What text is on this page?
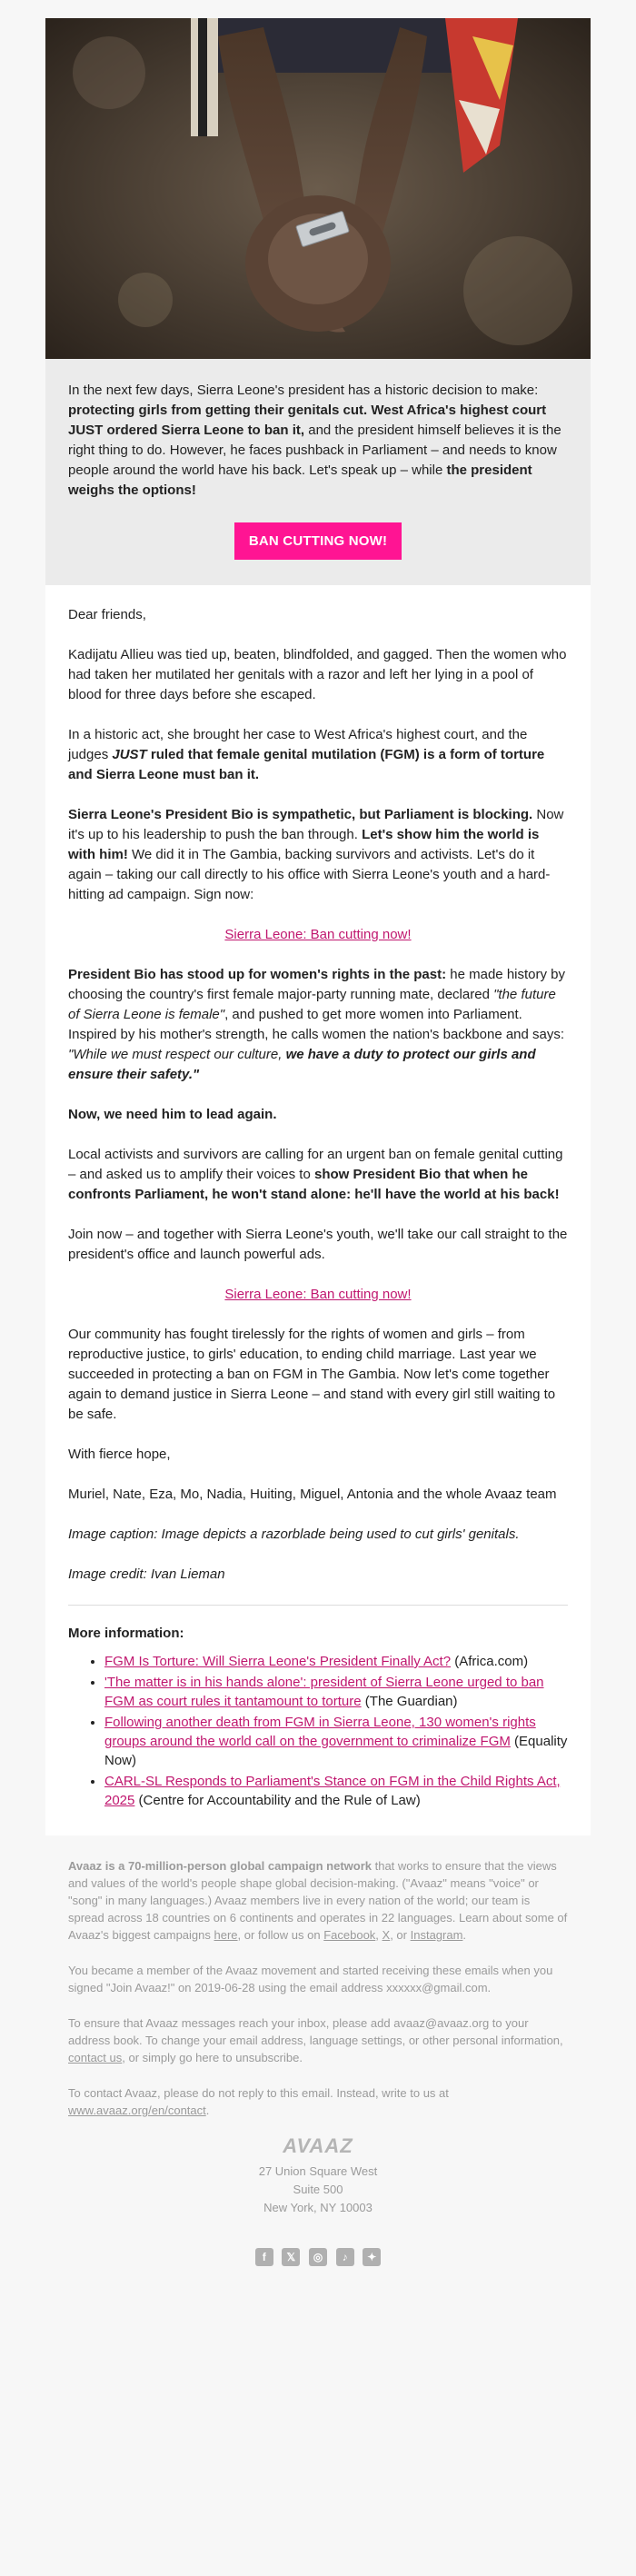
In the next few days, Sierra Leone's president has a historic decision to make: protecting girls from getting their genitals cut. West Africa's highest court JUST ordered Sierra Leone to ban it, and the president himself believes it is the right thing to do. However, he faces pushback in Parliament – and needs to know people around the world have his back. Let's speak up – while the president weighs the options!

BAN CUTTING NOW!

Dear friends,

Kadijatu Allieu was tied up, beaten, blindfolded, and gagged. Then the women who had taken her mutilated her genitals with a razor and left her lying in a pool of blood for three days before she escaped.

In a historic act, she brought her case to West Africa's highest court, and the judges JUST ruled that female genital mutilation (FGM) is a form of torture and Sierra Leone must ban it.

Sierra Leone's President Bio is sympathetic, but Parliament is blocking. Now it's up to his leadership to push the ban through. Let's show him the world is with him! We did it in The Gambia, backing survivors and activists. Let's do it again – taking our call directly to his office with Sierra Leone's youth and a hard-hitting ad campaign. Sign now:

Sierra Leone: Ban cutting now!

President Bio has stood up for women's rights in the past: he made history by choosing the country's first female major-party running mate, declared "the future of Sierra Leone is female", and pushed to get more women into Parliament. Inspired by his mother's strength, he calls women the nation's backbone and says: "While we must respect our culture, we have a duty to protect our girls and ensure their safety."

Now, we need him to lead again.

Local activists and survivors are calling for an urgent ban on female genital cutting – and asked us to amplify their voices to show President Bio that when he confronts Parliament, he won't stand alone: he'll have the world at his back!

Join now – and together with Sierra Leone's youth, we'll take our call straight to the president's office and launch powerful ads.

Sierra Leone: Ban cutting now!

Our community has fought tirelessly for the rights of women and girls – from reproductive justice, to girls' education, to ending child marriage. Last year we succeeded in protecting a ban on FGM in The Gambia. Now let's come together again to demand justice in Sierra Leone – and stand with every girl still waiting to be safe.

With fierce hope,

Muriel, Nate, Eza, Mo, Nadia, Huiting, Miguel, Antonia and the whole Avaaz team

Image caption: Image depicts a razorblade being used to cut girls' genitals.

Image credit: Ivan Lieman

More information:
• FGM Is Torture: Will Sierra Leone's President Finally Act? (Africa.com)
• 'The matter is in his hands alone': president of Sierra Leone urged to ban FGM as court rules it tantamount to torture (The Guardian)
• Following another death from FGM in Sierra Leone, 130 women's rights groups around the world call on the government to criminalize FGM (Equality Now)
• CARL-SL Responds to Parliament's Stance on FGM in the Child Rights Act, 2025 (Centre for Accountability and the Rule of Law)

Avaaz is a 70-million-person global campaign network that works to ensure that the views and values of the world's people shape global decision-making. ("Avaaz" means "voice" or "song" in many languages.) Avaaz members live in every nation of the world; our team is spread across 18 countries on 6 continents and operates in 22 languages. Learn about some of Avaaz's biggest campaigns here, or follow us on Facebook, X, or Instagram.

You became a member of the Avaaz movement and started receiving these emails when you signed "Join Avaaz!" on 2019-06-28 using the email address xxxxxx@gmail.com.

To ensure that Avaaz messages reach your inbox, please add avaaz@avaaz.org to your address book. To change your email address, language settings, or other personal information, contact us, or simply go here to unsubscribe.

To contact Avaaz, please do not reply to this email. Instead, write to us at www.avaaz.org/en/contact.

AVAAZ
27 Union Square West
Suite 500
New York, NY 10003
f 𝕏 ◎ ♪ ✦
